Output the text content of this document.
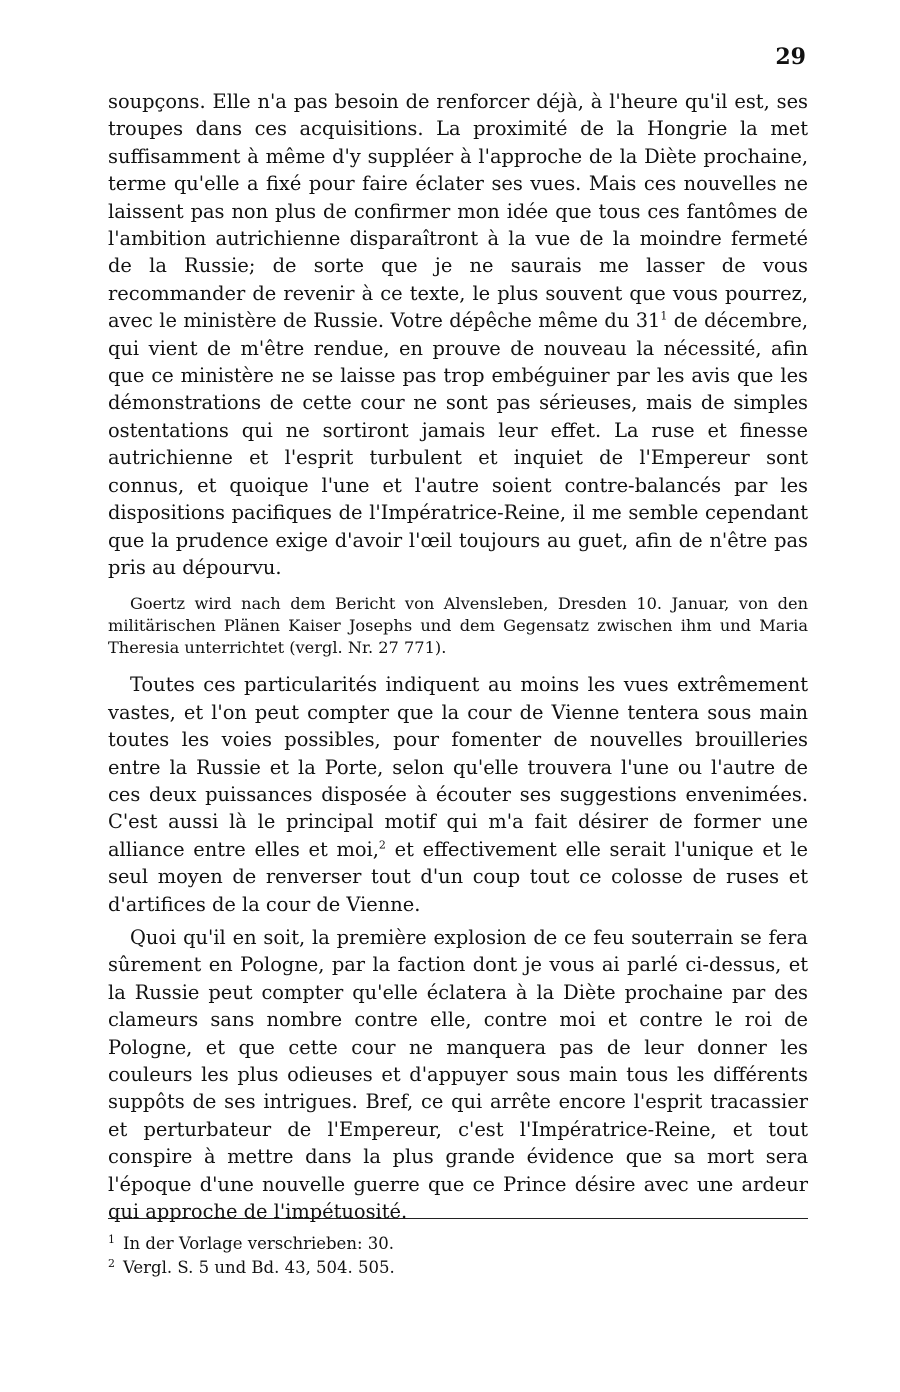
29

soupçons. Elle n'a pas besoin de renforcer déjà, à l'heure qu'il est, ses troupes dans ces acquisitions. La proximité de la Hongrie la met suffisamment à même d'y suppléer à l'approche de la Diète prochaine, terme qu'elle a fixé pour faire éclater ses vues. Mais ces nouvelles ne laissent pas non plus de confirmer mon idée que tous ces fantômes de l'ambition autrichienne disparaîtront à la vue de la moindre fermeté de la Russie; de sorte que je ne saurais me lasser de vous recommander de revenir à ce texte, le plus souvent que vous pourrez, avec le ministère de Russie. Votre dépêche même du $31^1$ de décembre, qui vient de m'être rendue, en prouve de nouveau la nécessité, afin que ce ministère ne se laisse pas trop embéguiner par les avis que les démonstrations de cette cour ne sont pas sérieuses, mais de simples ostentations qui ne sortiront jamais leur effet. La ruse et finesse autrichienne et l'esprit turbulent et inquiet de l'Empereur sont connus, et quoique l'une et l'autre soient contre-balancés par les dispositions pacifiques de l'Impératrice-Reine, il me semble cependant que la prudence exige d'avoir l'œil toujours au guet, afin de n'être pas pris au dépourvu.

Goertz wird nach dem Bericht von Alvensleben, Dresden 10. Januar, von den militärischen Plänen Kaiser Josephs und dem Gegensatz zwischen ihm und Maria Theresia unterrichtet (vergl. Nr. 27 771).

Toutes ces particularités indiquent au moins les vues extrêmement vastes, et l'on peut compter que la cour de Vienne tentera sous main toutes les voies possibles, pour fomenter de nouvelles brouilleries entre la Russie et la Porte, selon qu'elle trouvera l'une ou l'autre de ces deux puissances disposée à écouter ses suggestions envenimées. C'est aussi là le principal motif qui m'a fait désirer de former une alliance entre elles et moi,$^2$ et effectivement elle serait l'unique et le seul moyen de renverser tout d'un coup tout ce colosse de ruses et d'artifices de la cour de Vienne.

Quoi qu'il en soit, la première explosion de ce feu souterrain se fera sûrement en Pologne, par la faction dont je vous ai parlé ci-dessus, et la Russie peut compter qu'elle éclatera à la Diète prochaine par des clameurs sans nombre contre elle, contre moi et contre le roi de Pologne, et que cette cour ne manquera pas de leur donner les couleurs les plus odieuses et d'appuyer sous main tous les différents suppôts de ses intrigues. Bref, ce qui arrête encore l'esprit tracassier et perturbateur de l'Empereur, c'est l'Impératrice-Reine, et tout conspire à mettre dans la plus grande évidence que sa mort sera l'époque d'une nouvelle guerre que ce Prince désire avec une ardeur qui approche de l'impétuosité.

$^1$ In der Vorlage verschrieben: 30.
$^2$ Vergl. S. 5 und Bd. 43, 504. 505.
